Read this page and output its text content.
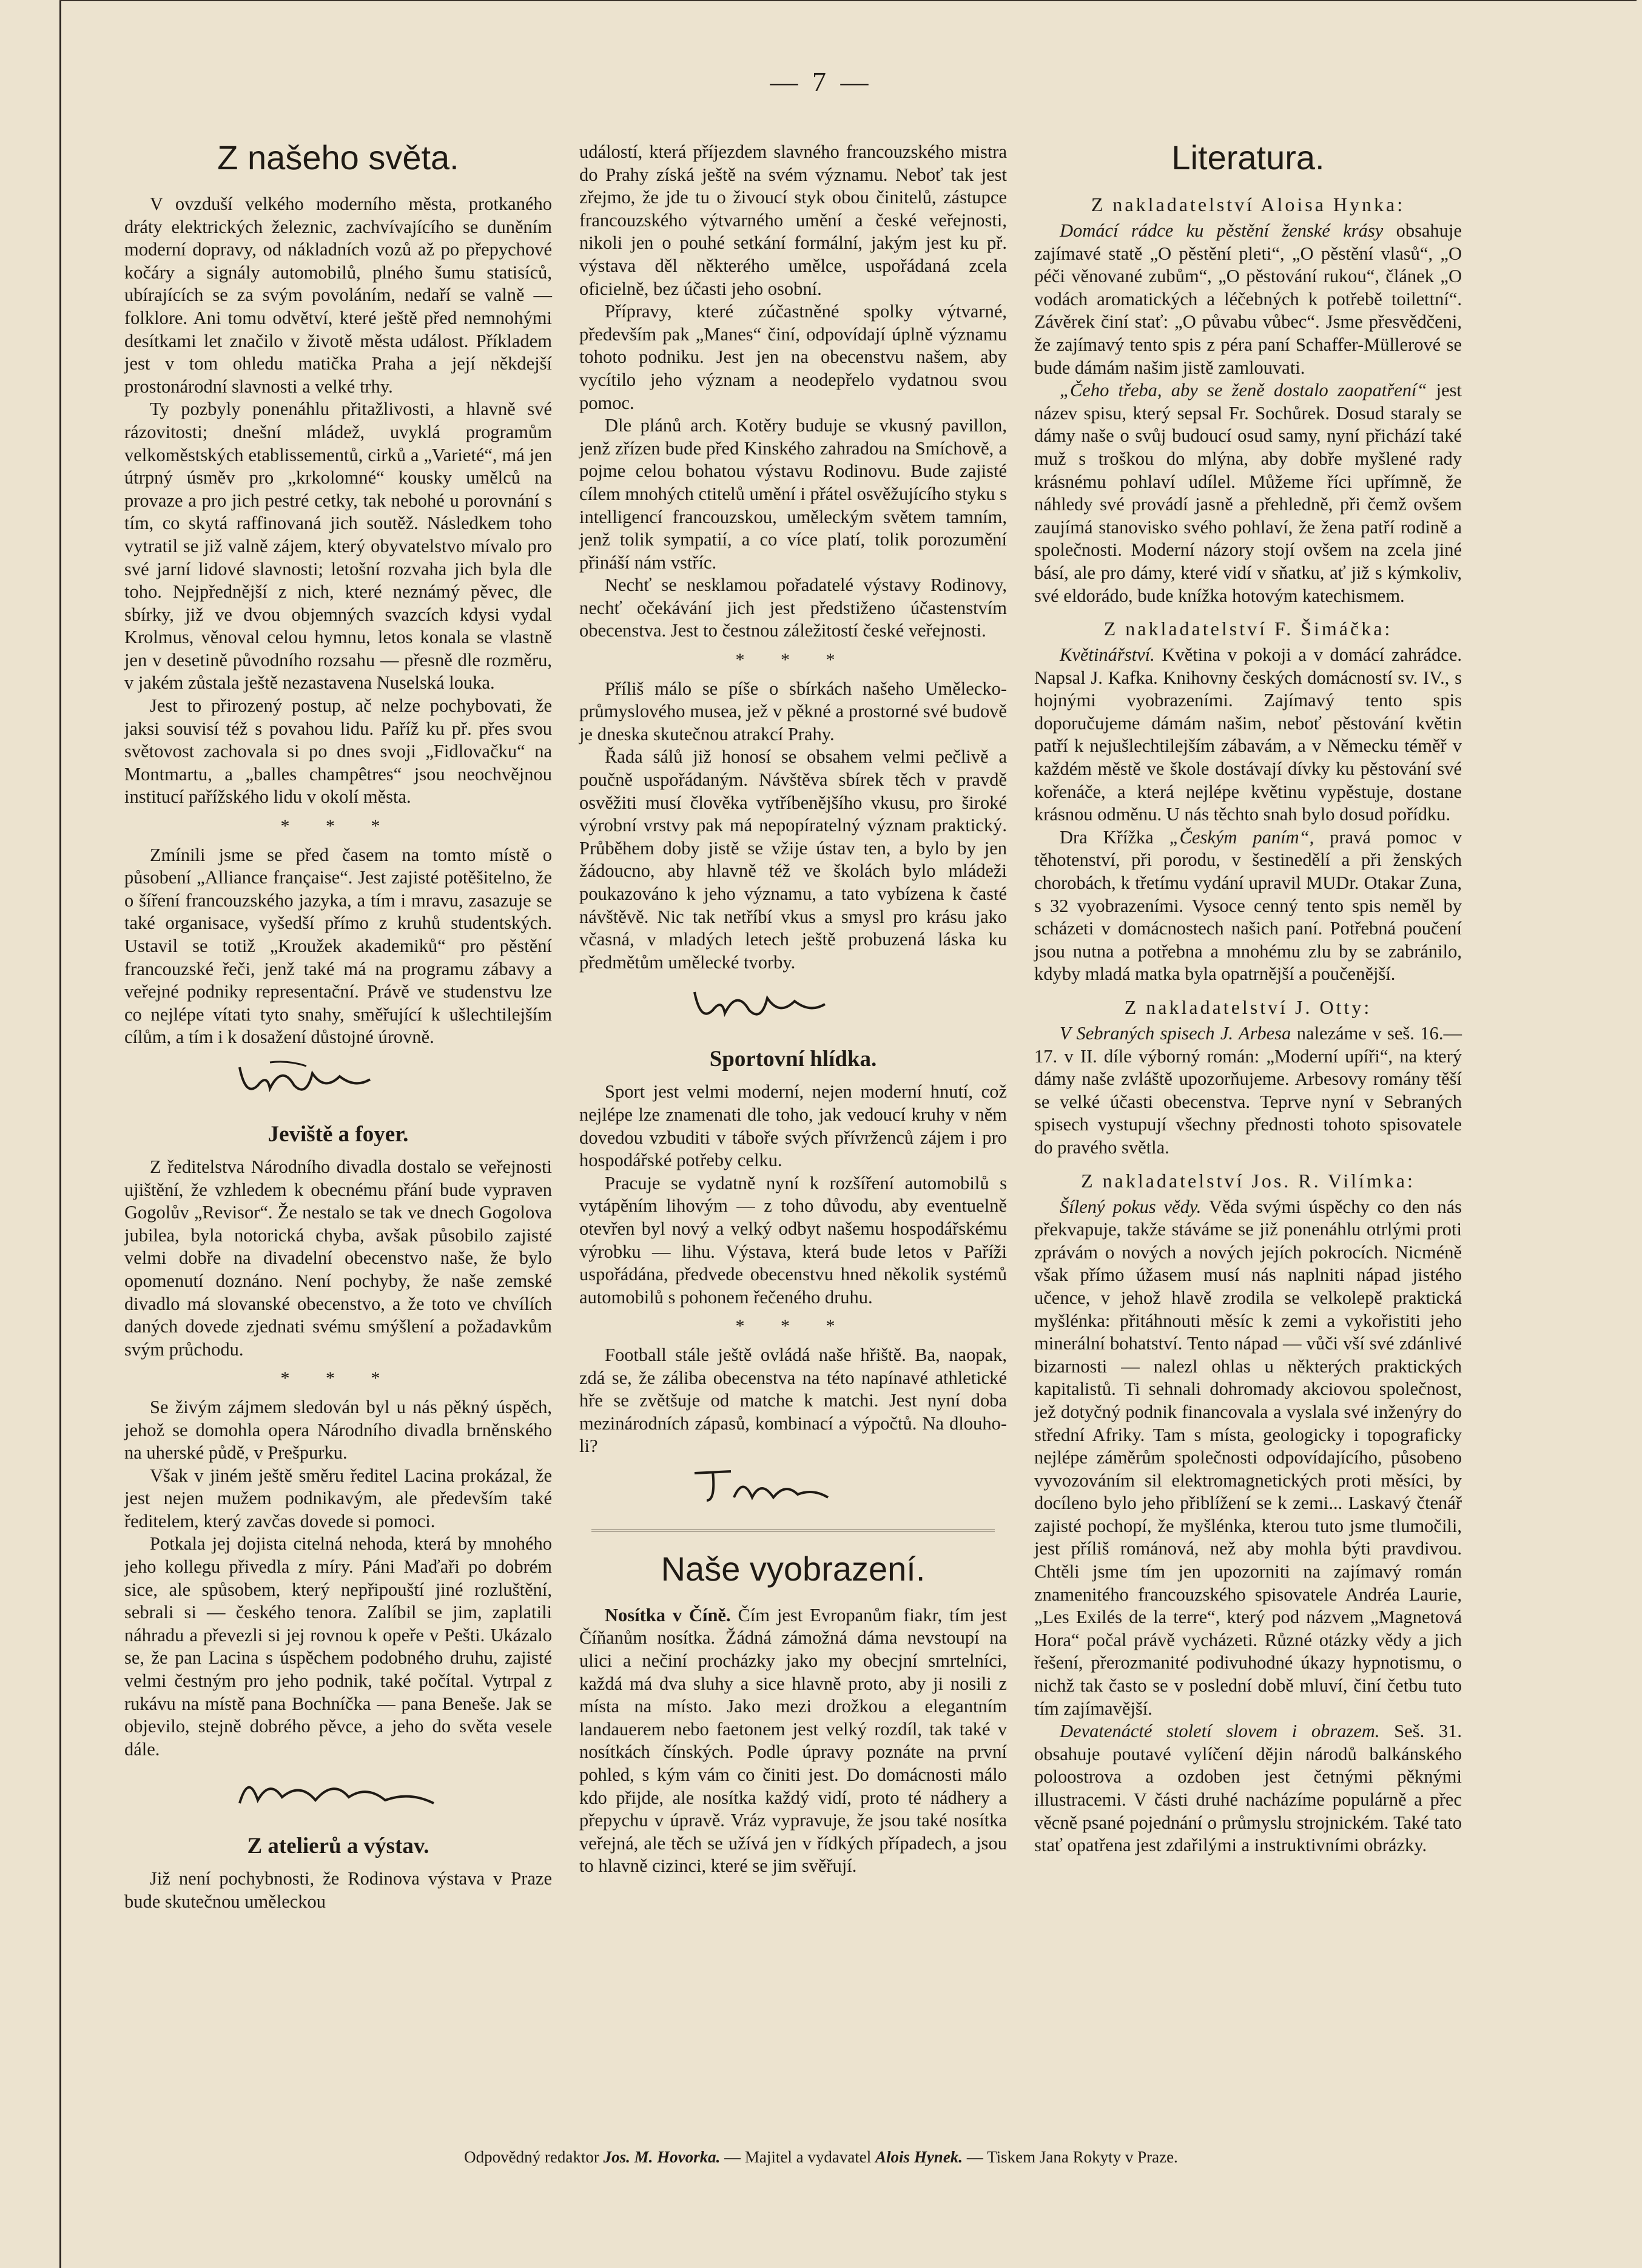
— 7 —
Z našeho světa.

V ovzduší velkého moderního města, protkaného dráty elektrických železnic, zachvívajícího se duněním moderní dopravy, od nákladních vozů až po přepychové kočáry a signály automobilů, plného šumu statisíců, ubírajících se za svým povoláním, nedaří se valně — folklore. Ani tomu odvětví, které ještě před nemnohými desítkami let značilo v životě města událost. Příkladem jest v tom ohledu matička Praha a její někdejší prostonárodní slavnosti a velké trhy.

Ty pozbyly ponenáhlu přitažlivosti, a hlavně své rázovitosti; dnešní mládež, uvyklá programům velkoměstských etablissementů, cirků a „Varieté“, má jen útrpný úsměv pro „krkolomné“ kousky umělců na provaze a pro jich pestré cetky, tak nebohé u porovnání s tím, co skytá raffinovaná jich soutěž. Následkem toho vytratil se již valně zájem, který obyvatelstvo mívalo pro své jarní lidové slavnosti; letošní rozvaha jich byla dle toho. Nejpřednější z nich, které neznámý pěvec, dle sbírky, již ve dvou objemných svazcích kdysi vydal Krolmus, věnoval celou hymnu, letos konala se vlastně jen v desetině původního rozsahu — přesně dle rozměru, v jakém zůstala ještě nezastavena Nuselská louka.

Jest to přirozený postup, ač nelze pochybovati, že jaksi souvisí též s povahou lidu. Paříž ku př. přes svou světovost zachovala si po dnes svoji „Fidlovačku“ na Montmartu, a „balles champêtres“ jsou neochvějnou institucí pařížského lidu v okolí města.

* * *

Zmínili jsme se před časem na tomto místě o působení „Alliance française“. Jest zajisté potěšitelno, že o šíření francouzského jazyka, a tím i mravu, zasazuje se také organisace, vyšedší přímo z kruhů studentských. Ustavil se totiž „Kroužek akademiků“ pro pěstění francouzské řeči, jenž také má na programu zábavy a veřejné podniky representační. Právě ve studenstvu lze co nejlépe vítati tyto snahy, směřující k ušlechtilejším cílům, a tím i k dosažení důstojné úrovně.

Jeviště a foyer.

Z ředitelstva Národního divadla dostalo se veřejnosti ujištění, že vzhledem k obecnému přání bude vypraven Gogolův „Revisor“. Že nestalo se tak ve dnech Gogolova jubilea, byla notorická chyba, avšak působilo zajisté velmi dobře na divadelní obecenstvo naše, že bylo opomenutí doznáno. Není pochyby, že naše zemské divadlo má slovanské obecenstvo, a že toto ve chvílích daných dovede zjednati svému smýšlení a požadavkům svým průchodu.

* * *

Se živým zájmem sledován byl u nás pěkný úspěch, jehož se domohla opera Národního divadla brněnského na uherské půdě, v Prešpurku.

Však v jiném ještě směru ředitel Lacina prokázal, že jest nejen mužem podnikavým, ale především také ředitelem, který zavčas dovede si pomoci.

Potkala jej dojista citelná nehoda, která by mnohého jeho kollegu přivedla z míry. Páni Maďaři po dobrém sice, ale spůsobem, který nepřipouští jiné rozluštění, sebrali si — českého tenora. Zalíbil se jim, zaplatili náhradu a převezli si jej rovnou k opeře v Pešti. Ukázalo se, že pan Lacina s úspěchem podobného druhu, zajisté velmi čestným pro jeho podnik, také počítal. Vytrpal z rukávu na místě pana Bochníčka — pana Beneše. Jak se objevilo, stejně dobrého pěvce, a jeho do světa vesele dále.

Z atelierů a výstav.

Již není pochybnosti, že Rodinova výstava v Praze bude skutečnou uměleckou

událostí, která příjezdem slavného francouzského mistra do Prahy získá ještě na svém významu. Neboť tak jest zřejmo, že jde tu o živoucí styk obou činitelů, zástupce francouzského výtvarného umění a české veřejnosti, nikoli jen o pouhé setkání formální, jakým jest ku př. výstava děl některého umělce, uspořádaná zcela oficielně, bez účasti jeho osobní.

Přípravy, které zúčastněné spolky výtvarné, především pak „Manes“ činí, odpovídají úplně významu tohoto podniku. Jest jen na obecenstvu našem, aby vycítilo jeho význam a neodepřelo vydatnou svou pomoc.

Dle plánů arch. Kotěry buduje se vkusný pavillon, jenž zřízen bude před Kinského zahradou na Smíchově, a pojme celou bohatou výstavu Rodinovu. Bude zajisté cílem mnohých ctitelů umění i přátel osvěžujícího styku s intelligencí francouzskou, uměleckým světem tamním, jenž tolik sympatií, a co více platí, tolik porozumění přináší nám vstříc.

Nechť se nesklamou pořadatelé výstavy Rodinovy, nechť očekávání jich jest předstiženo účastenstvím obecenstva. Jest to čestnou záležitostí české veřejnosti.

* * *

Příliš málo se píše o sbírkách našeho Umělecko-průmyslového musea, jež v pěkné a prostorné své budově je dneska skutečnou atrakcí Prahy.

Řada sálů již honosí se obsahem velmi pečlivě a poučně uspořádaným. Návštěva sbírek těch v pravdě osvěžiti musí člověka vytříbenějšího vkusu, pro široké výrobní vrstvy pak má nepopíratelný význam praktický. Průběhem doby jistě se vžije ústav ten, a bylo by jen žádoucno, aby hlavně též ve školách bylo mládeži poukazováno k jeho významu, a tato vybízena k časté návštěvě. Nic tak netříbí vkus a smysl pro krásu jako včasná, v mladých letech ještě probuzená láska ku předmětům umělecké tvorby.

Sportovní hlídka.

Sport jest velmi moderní, nejen moderní hnutí, což nejlépe lze znamenati dle toho, jak vedoucí kruhy v něm dovedou vzbuditi v táboře svých přívrženců zájem i pro hospodářské potřeby celku.

Pracuje se vydatně nyní k rozšíření automobilů s vytápěním lihovým — z toho důvodu, aby eventuelně otevřen byl nový a velký odbyt našemu hospodářskému výrobku — lihu. Výstava, která bude letos v Paříži uspořádána, předvede obecenstvu hned několik systémů automobilů s pohonem řečeného druhu.

* * *

Football stále ještě ovládá naše hřiště. Ba, naopak, zdá se, že záliba obecenstva na této napínavé athletické hře se zvětšuje od matche k matchi. Jest nyní doba mezinárodních zápasů, kombinací a výpočtů. Na dlouho-li?

Naše vyobrazení.

Nosítka v Číně. Čím jest Evropanům fiakr, tím jest Číňanům nosítka. Žádná zámožná dáma nevstoupí na ulici a nečiní procházky jako my obecjní smrtelníci, každá má dva sluhy a sice hlavně proto, aby ji nosili z místa na místo. Jako mezi drožkou a elegantním landauerem nebo faetonem jest velký rozdíl, tak také v nosítkách čínských. Podle úpravy poznáte na první pohled, s kým vám co činiti jest. Do domácnosti málo kdo přijde, ale nosítka každý vidí, proto té nádhery a přepychu v úpravě. Vráz vypravuje, že jsou také nosítka veřejná, ale těch se užívá jen v řídkých případech, a jsou to hlavně cizinci, které se jim svěřují.

Literatura.
Z nakladatelství Aloisa Hynka:

Domácí rádce ku pěstění ženské krásy obsahuje zajímavé statě „O pěstění pleti“, „O pěstění vlasů“, „O péči věnované zubům“, „O pěstování rukou“, článek „O vodách aromatických a léčebných k potřebě toilettní“. Závěrek činí stať: „O půvabu vůbec“. Jsme přesvědčeni, že zajímavý tento spis z péra paní Schaffer-Müllerové se bude dámám našim jistě zamlouvati.

„Čeho třeba, aby se ženě dostalo zaopatření“ jest název spisu, který sepsal Fr. Sochůrek. Dosud staraly se dámy naše o svůj budoucí osud samy, nyní přichází také muž s troškou do mlýna, aby dobře myšlené rady krásnému pohlaví udílel. Můžeme říci upřímně, že náhledy své provádí jasně a přehledně, při čemž ovšem zaujímá stanovisko svého pohlaví, že žena patří rodině a společnosti. Moderní názory stojí ovšem na zcela jiné básí, ale pro dámy, které vidí v sňatku, ať již s kýmkoliv, své eldorádo, bude knížka hotovým katechismem.

Z nakladatelství F. Šimáčka:

Květinářství. Květina v pokoji a v domácí zahrádce. Napsal J. Kafka. Knihovny českých domácností sv. IV., s hojnými vyobrazeními. Zajímavý tento spis doporučujeme dámám našim, neboť pěstování květin patří k nejušlechtilejším zábavám, a v Německu téměř v každém městě ve škole dostávají dívky ku pěstování své kořenáče, a která nejlépe květinu vypěstuje, dostane krásnou odměnu. U nás těchto snah bylo dosud pořídku.

Dra Křížka „Českým paním“, pravá pomoc v těhotenství, při porodu, v šestinedělí a při ženských chorobách, k třetímu vydání upravil MUDr. Otakar Zuna, s 32 vyobrazeními. Vysoce cenný tento spis neměl by scházeti v domácnostech našich paní. Potřebná poučení jsou nutna a potřebna a mnohému zlu by se zabránilo, kdyby mladá matka byla opatrnější a poučenější.

Z nakladatelství J. Otty:

V Sebraných spisech J. Arbesa nalezáme v seš. 16.—17. v II. díle výborný román: „Moderní upíři“, na který dámy naše zvláště upozorňujeme. Arbesovy romány těší se velké účasti obecenstva. Teprve nyní v Sebraných spisech vystupují všechny přednosti tohoto spisovatele do pravého světla.

Z nakladatelství Jos. R. Vilímka:

Šílený pokus vědy. Věda svými úspěchy co den nás překvapuje, takže stáváme se již ponenáhlu otrlými proti zprávám o nových a nových jejích pokrocích. Nicméně však přímo úžasem musí nás naplniti nápad jistého učence, v jehož hlavě zrodila se velkolepě praktická myšlénka: přitáhnouti měsíc k zemi a vykořistiti jeho minerální bohatství. Tento nápad — vůči vší své zdánlivé bizarnosti — nalezl ohlas u některých praktických kapitalistů. Ti sehnali dohromady akciovou společnost, jež dotyčný podnik financovala a vyslala své inženýry do střední Afriky. Tam s místa, geologicky i topograficky nejlépe záměrům společnosti odpovídajícího, působeno vyvozováním sil elektromagnetických proti měsíci, by docíleno bylo jeho přiblížení se k zemi... Laskavý čtenář zajisté pochopí, že myšlénka, kterou tuto jsme tlumočili, jest příliš románová, než aby mohla býti pravdivou. Chtěli jsme tím jen upozorniti na zajímavý román znamenitého francouzského spisovatele Andréa Laurie, „Les Exilés de la terre“, který pod názvem „Magnetová Hora“ počal právě vycházeti. Různé otázky vědy a jich řešení, přerozmanité podivuhodné úkazy hypnotismu, o nichž tak často se v poslední době mluví, činí četbu tuto tím zajímavější.

Devatenácté století slovem i obrazem. Seš. 31. obsahuje poutavé vylíčení dějin národů balkánského poloostrova a ozdoben jest četnými pěknými illustracemi. V části druhé nacházíme populárně a přec věcně psané pojednání o průmyslu strojnickém. Také tato stať opatřena jest zdařilými a instruktivními obrázky.

Odpovědný redaktor Jos. M. Hovorka. — Majitel a vydavatel Alois Hynek. — Tiskem Jana Rokyty v Praze.
